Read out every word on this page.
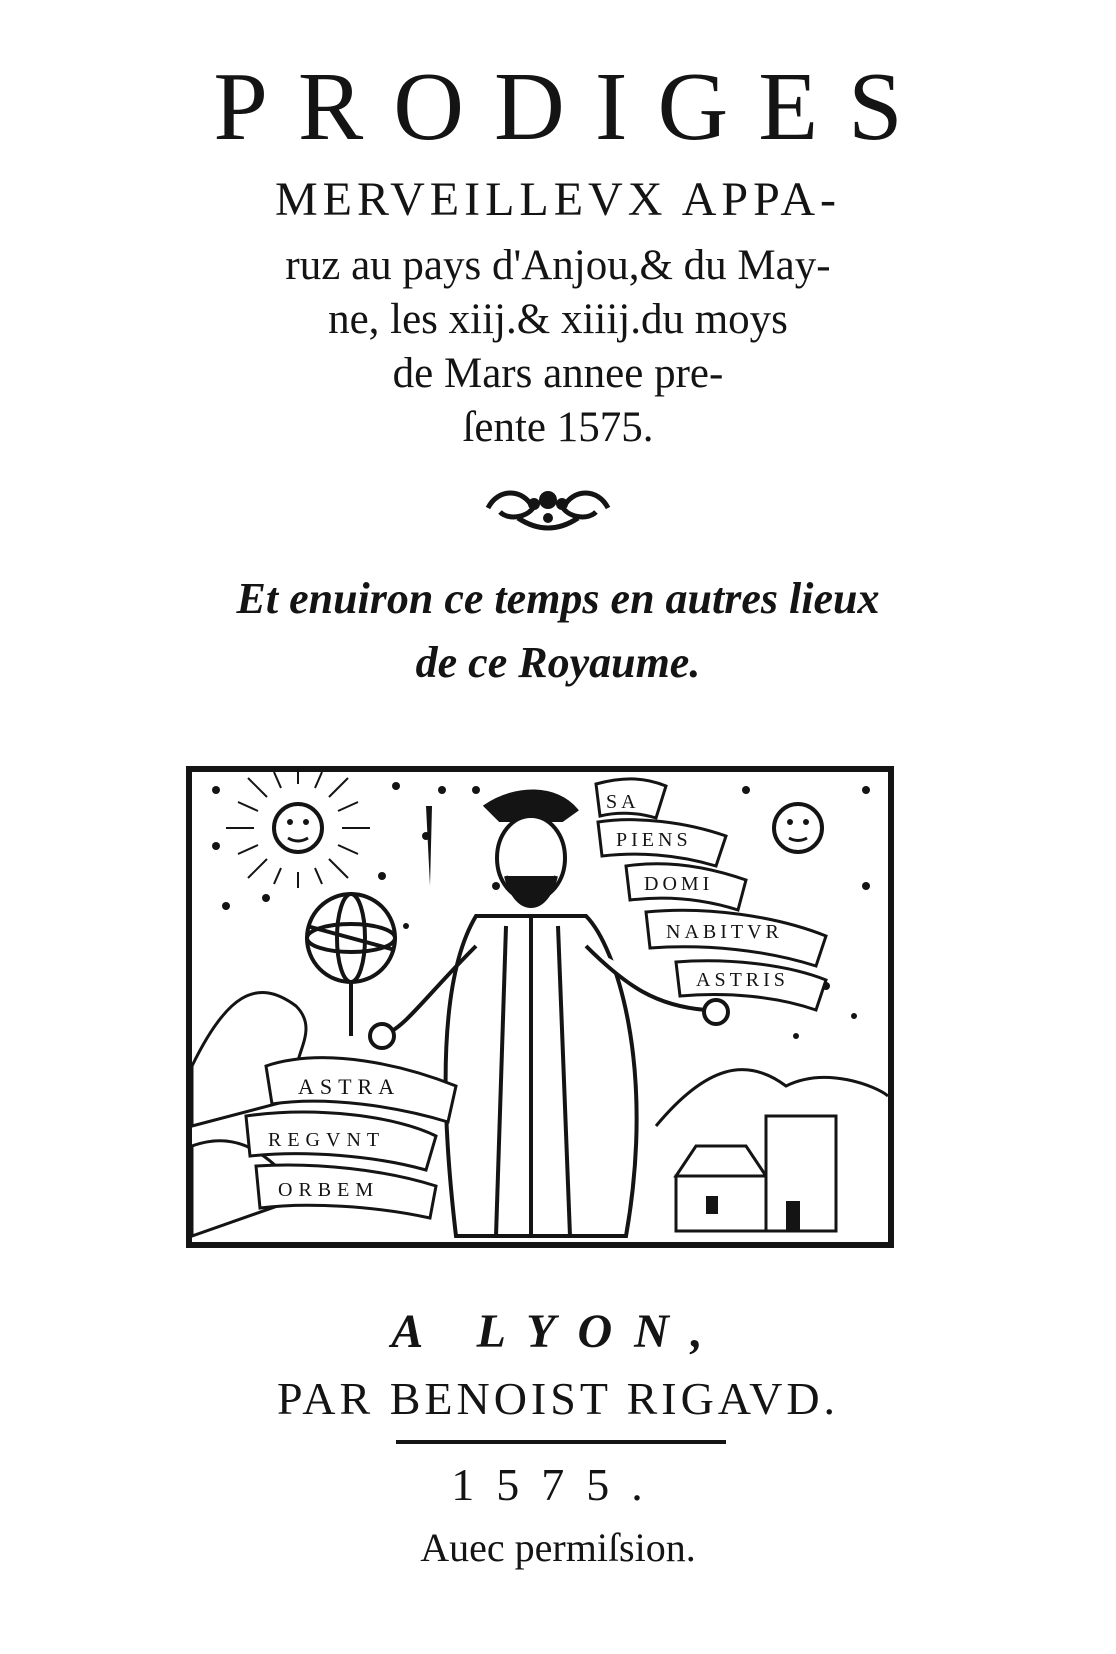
PRODIGES
MERVEILLEVX APPA-
ruz au pays d'Anjou,& du May-
ne, les xiij.& xiiij.du moys
de Mars annee pre-
ſente 1575.
Et enuiron ce temps en autres lieux
de ce Royaume.
ASTRA
REGVNT
ORBEM
SA
PIENS
DOMI
NABITVR
ASTRIS
A LYON,
PAR BENOIST RIGAVD.
1575.
Auec permiſsion.
